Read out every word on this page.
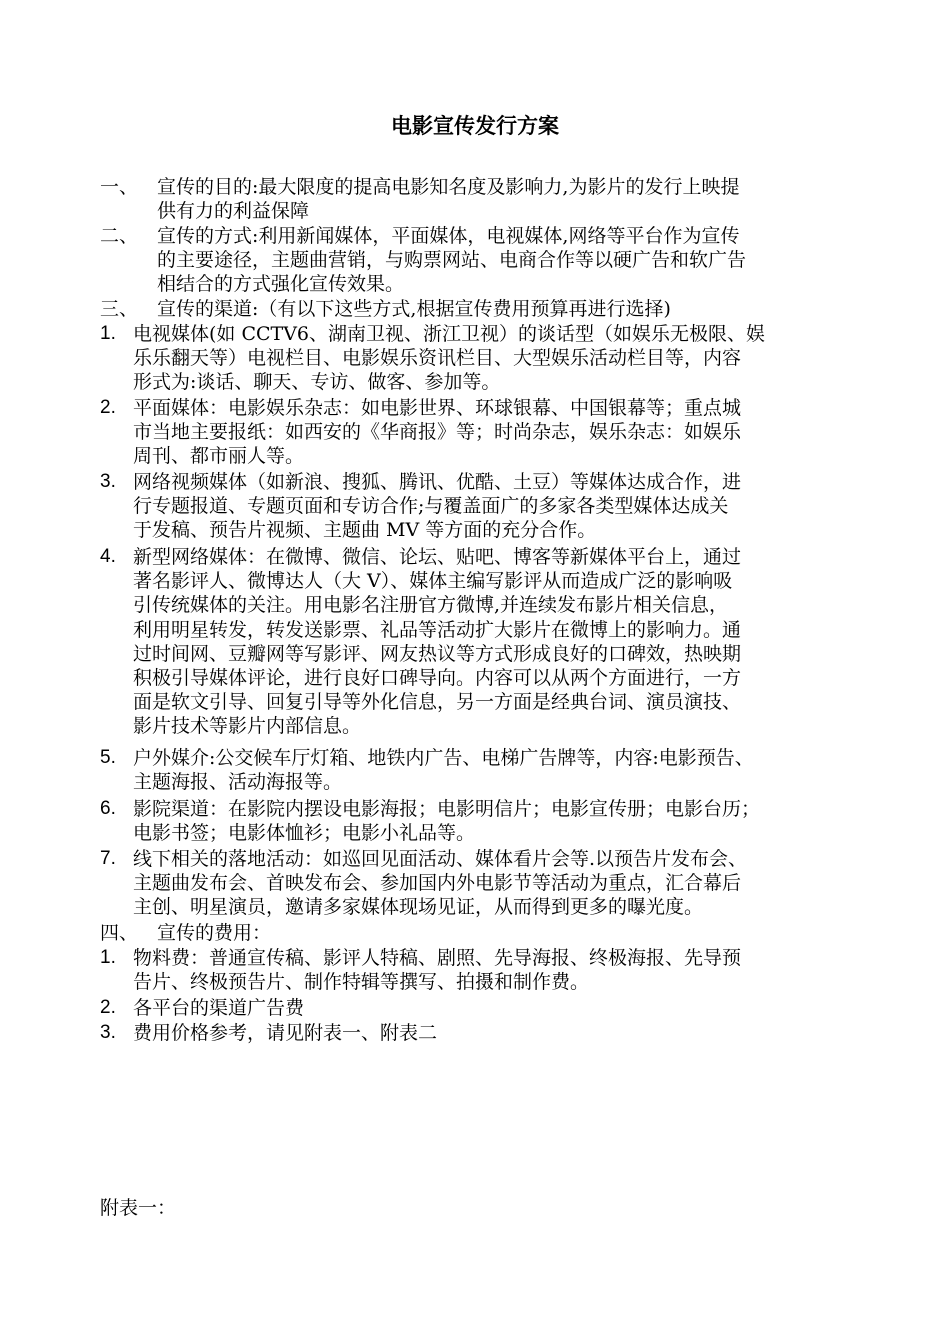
电影宣传发行方案
一、 宣传的目的:最大限度的提高电影知名度及影响力,为影片的发行上映提
供有力的利益保障
二、 宣传的方式:利用新闻媒体，平面媒体，电视媒体,网络等平台作为宣传
的主要途径，主题曲营销，与购票网站、电商合作等以硬广告和软广告
相结合的方式强化宣传效果。
三、 宣传的渠道:（有以下这些方式,根据宣传费用预算再进行选择)
1. 电视媒体(如 CCTV6、湖南卫视、浙江卫视）的谈话型（如娱乐无极限、娱
乐乐翻天等）电视栏目、电影娱乐资讯栏目、大型娱乐活动栏目等，内容
形式为:谈话、聊天、专访、做客、参加等。
2. 平面媒体：电影娱乐杂志：如电影世界、环球银幕、中国银幕等；重点城
市当地主要报纸：如西安的《华商报》等；时尚杂志，娱乐杂志：如娱乐
周刊、都市丽人等。
3. 网络视频媒体（如新浪、搜狐、腾讯、优酷、土豆）等媒体达成合作，进
行专题报道、专题页面和专访合作;与覆盖面广的多家各类型媒体达成关
于发稿、预告片视频、主题曲 MV 等方面的充分合作。
4. 新型网络媒体：在微博、微信、论坛、贴吧、博客等新媒体平台上，通过
著名影评人、微博达人（大 V）、媒体主编写影评从而造成广泛的影响吸
引传统媒体的关注。用电影名注册官方微博,并连续发布影片相关信息，
利用明星转发，转发送影票、礼品等活动扩大影片在微博上的影响力。通
过时间网、豆瓣网等写影评、网友热议等方式形成良好的口碑效，热映期
积极引导媒体评论，进行良好口碑导向。内容可以从两个方面进行，一方
面是软文引导、回复引导等外化信息，另一方面是经典台词、演员演技、
影片技术等影片内部信息。
5. 户外媒介:公交候车厅灯箱、地铁内广告、电梯广告牌等，内容:电影预告、
主题海报、活动海报等。
6. 影院渠道：在影院内摆设电影海报；电影明信片；电影宣传册；电影台历；
电影书签；电影体恤衫；电影小礼品等。
7. 线下相关的落地活动：如巡回见面活动、媒体看片会等.以预告片发布会、
主题曲发布会、首映发布会、参加国内外电影节等活动为重点，汇合幕后
主创、明星演员，邀请多家媒体现场见证，从而得到更多的曝光度。
四、 宣传的费用：
1. 物料费：普通宣传稿、影评人特稿、剧照、先导海报、终极海报、先导预
告片、终极预告片、制作特辑等撰写、拍摄和制作费。
2. 各平台的渠道广告费
3. 费用价格参考，请见附表一、附表二
附表一：
